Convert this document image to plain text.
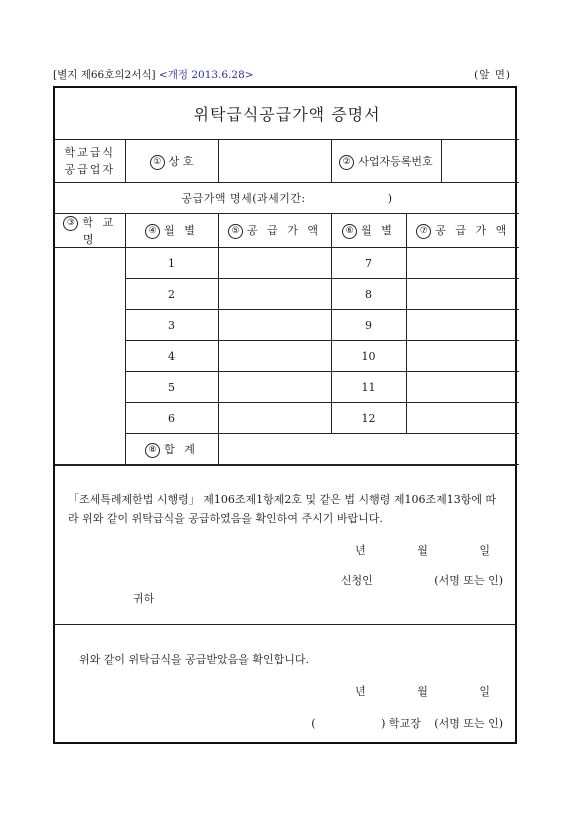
[별지 제66호의2서식] <개정 2013.6.28>	(앞 면)
위탁급식공급가액 증명서					

학교급식
공급업자	① 상 호		② 사업자등록번호		
공급가액 명세(과세기간: )					
③ 학 교 명	④ 월 별	⑤ 공 급 가 액	⑥ 월 별	⑦ 공 급 가 액	
	1		7		
	2		8		
	3		9		
	4		10		
	5		11		
	6		12		
	⑧ 합 계				
「조세특례제한법 시행령」 제106조제1항제2호 및 같은 법 시행령 제106조제13항에 따라 위와 같이 위탁급식을 공급하였음을 확인하여 주시기 바랍니다.
년	월	일
신청인	(서명 또는 인)
귀하
위와 같이 위탁급식을 공급받았음을 확인합니다.
년	월	일
(	) 학교장 (서명 또는 인)
